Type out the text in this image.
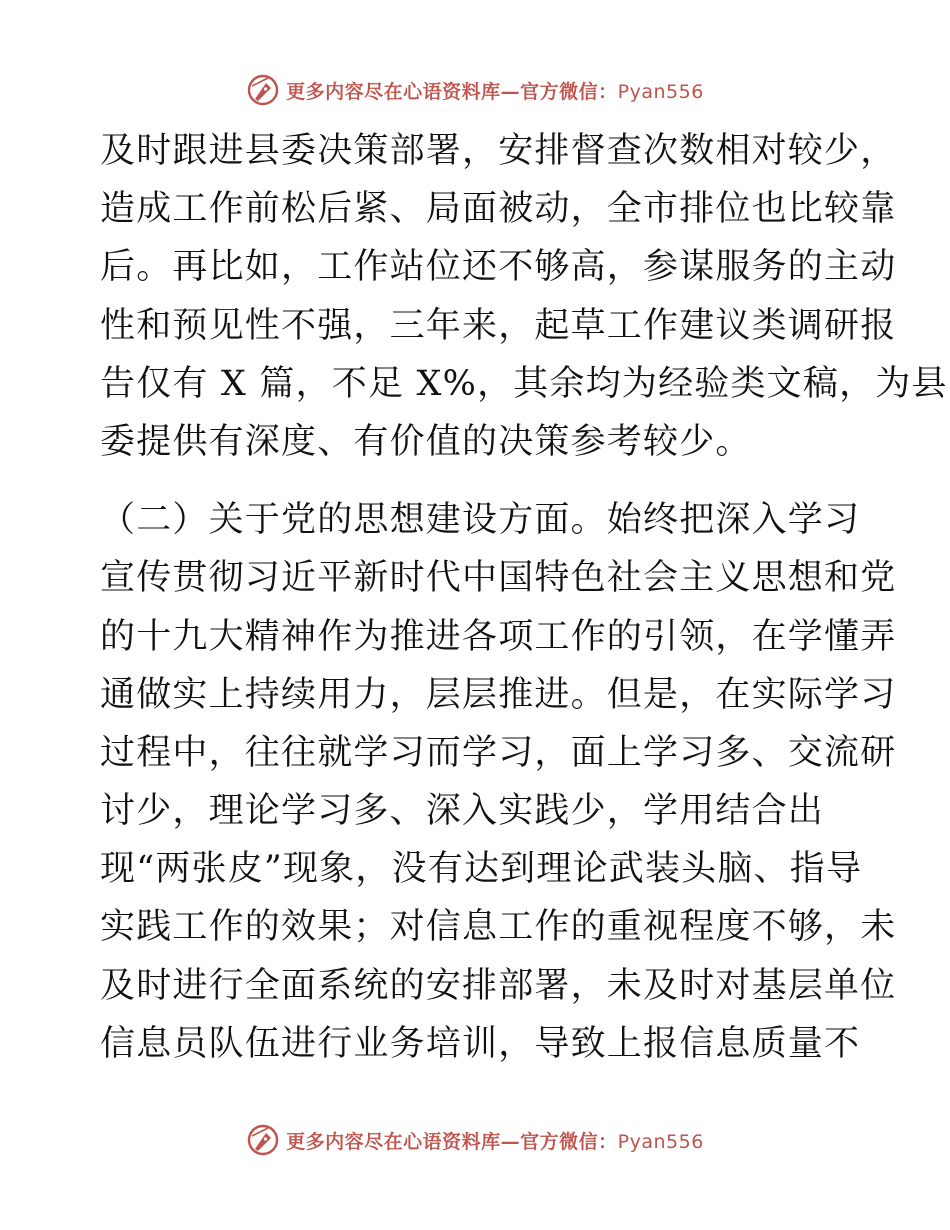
更多内容尽在心语资料库—官方微信：Pyan556
及时跟进县委决策部署，安排督查次数相对较少，
造成工作前松后紧、局面被动，全市排位也比较靠
后。再比如，工作站位还不够高，参谋服务的主动
性和预见性不强，三年来，起草工作建议类调研报
告仅有 X 篇，不足 X%，其余均为经验类文稿，为县
委提供有深度、有价值的决策参考较少。
（二）关于党的思想建设方面。始终把深入学习
宣传贯彻习近平新时代中国特色社会主义思想和党
的十九大精神作为推进各项工作的引领，在学懂弄
通做实上持续用力，层层推进。但是，在实际学习
过程中，往往就学习而学习，面上学习多、交流研
讨少，理论学习多、深入实践少，学用结合出
现“两张皮”现象，没有达到理论武装头脑、指导
实践工作的效果；对信息工作的重视程度不够，未
及时进行全面系统的安排部署，未及时对基层单位
信息员队伍进行业务培训，导致上报信息质量不
更多内容尽在心语资料库—官方微信：Pyan556
